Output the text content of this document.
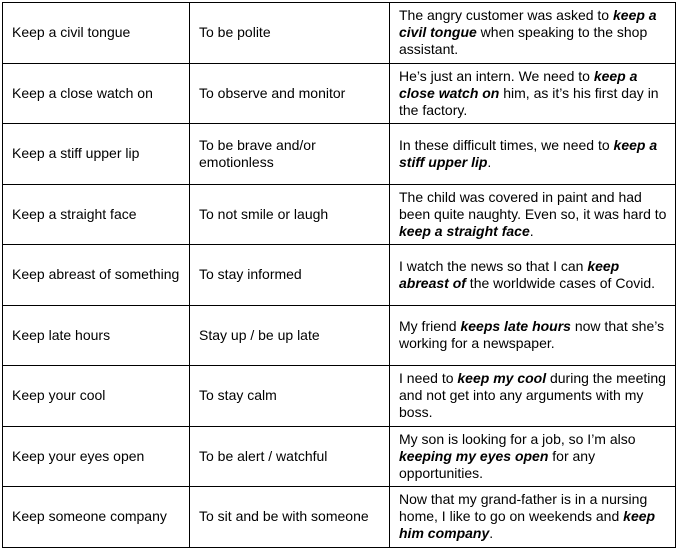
Keep a civil tongue	To be polite	The angry customer was asked to keep a civil tongue when speaking to the shop assistant.
Keep a close watch on	To observe and monitor	He’s just an intern. We need to keep a close watch on him, as it’s his first day in the factory.
Keep a stiff upper lip	To be brave and/or emotionless	In these difficult times, we need to keep a stiff upper lip.
Keep a straight face	To not smile or laugh	The child was covered in paint and had been quite naughty. Even so, it was hard to keep a straight face.
Keep abreast of something	To stay informed	I watch the news so that I can keep abreast of the worldwide cases of Covid.
Keep late hours	Stay up / be up late	My friend keeps late hours now that she’s working for a newspaper.
Keep your cool	To stay calm	I need to keep my cool during the meeting and not get into any arguments with my boss.
Keep your eyes open	To be alert / watchful	My son is looking for a job, so I’m also keeping my eyes open for any opportunities.
Keep someone company	To sit and be with someone	Now that my grand-father is in a nursing home, I like to go on weekends and keep him company.
